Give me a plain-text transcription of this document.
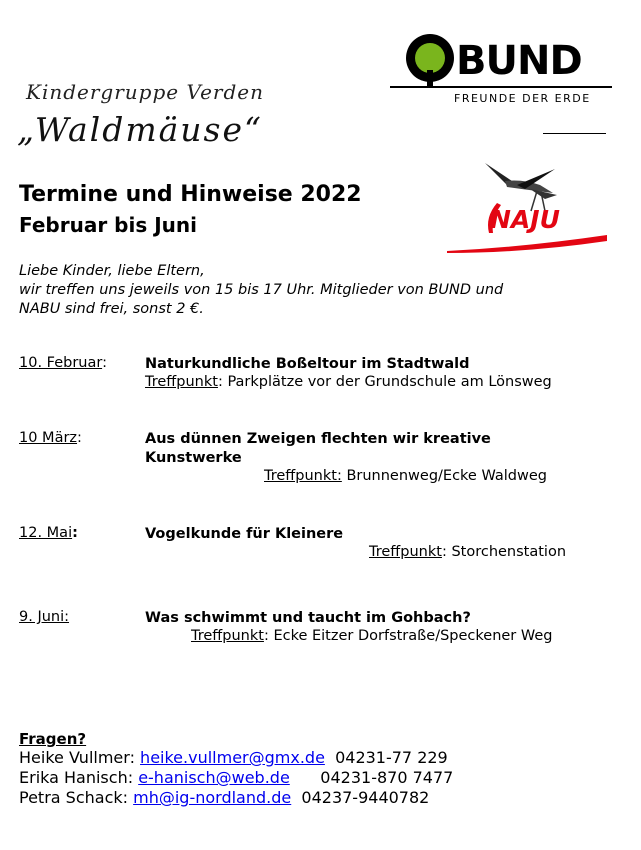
Kindergruppe Verden
„Waldmäuse“
BUND
FREUNDE DER ERDE
NAJU
Termine und Hinweise 2022
Februar bis Juni
Liebe Kinder, liebe Eltern,
wir treffen uns jeweils von 15 bis 17 Uhr. Mitglieder von BUND und
NABU sind frei, sonst 2 €.
10. Februar:	Naturkundliche Boßeltour im Stadtwald
Treffpunkt: Parkplätze vor der Grundschule am Lönsweg
10 März:	Aus dünnen Zweigen flechten wir kreative
Kunstwerke
Treffpunkt: Brunnenweg/Ecke Waldweg
12. Mai:	Vogelkunde für Kleinere
Treffpunkt: Storchenstation
9. Juni:	Was schwimmt und taucht im Gohbach?
Treffpunkt: Ecke Eitzer Dorfstraße/Speckener Weg
Fragen?
Heike Vullmer: heike.vullmer@gmx.de 04231-77 229
Erika Hanisch: e-hanisch@web.de 04231-870 7477
Petra Schack: mh@ig-nordland.de 04237-9440782
